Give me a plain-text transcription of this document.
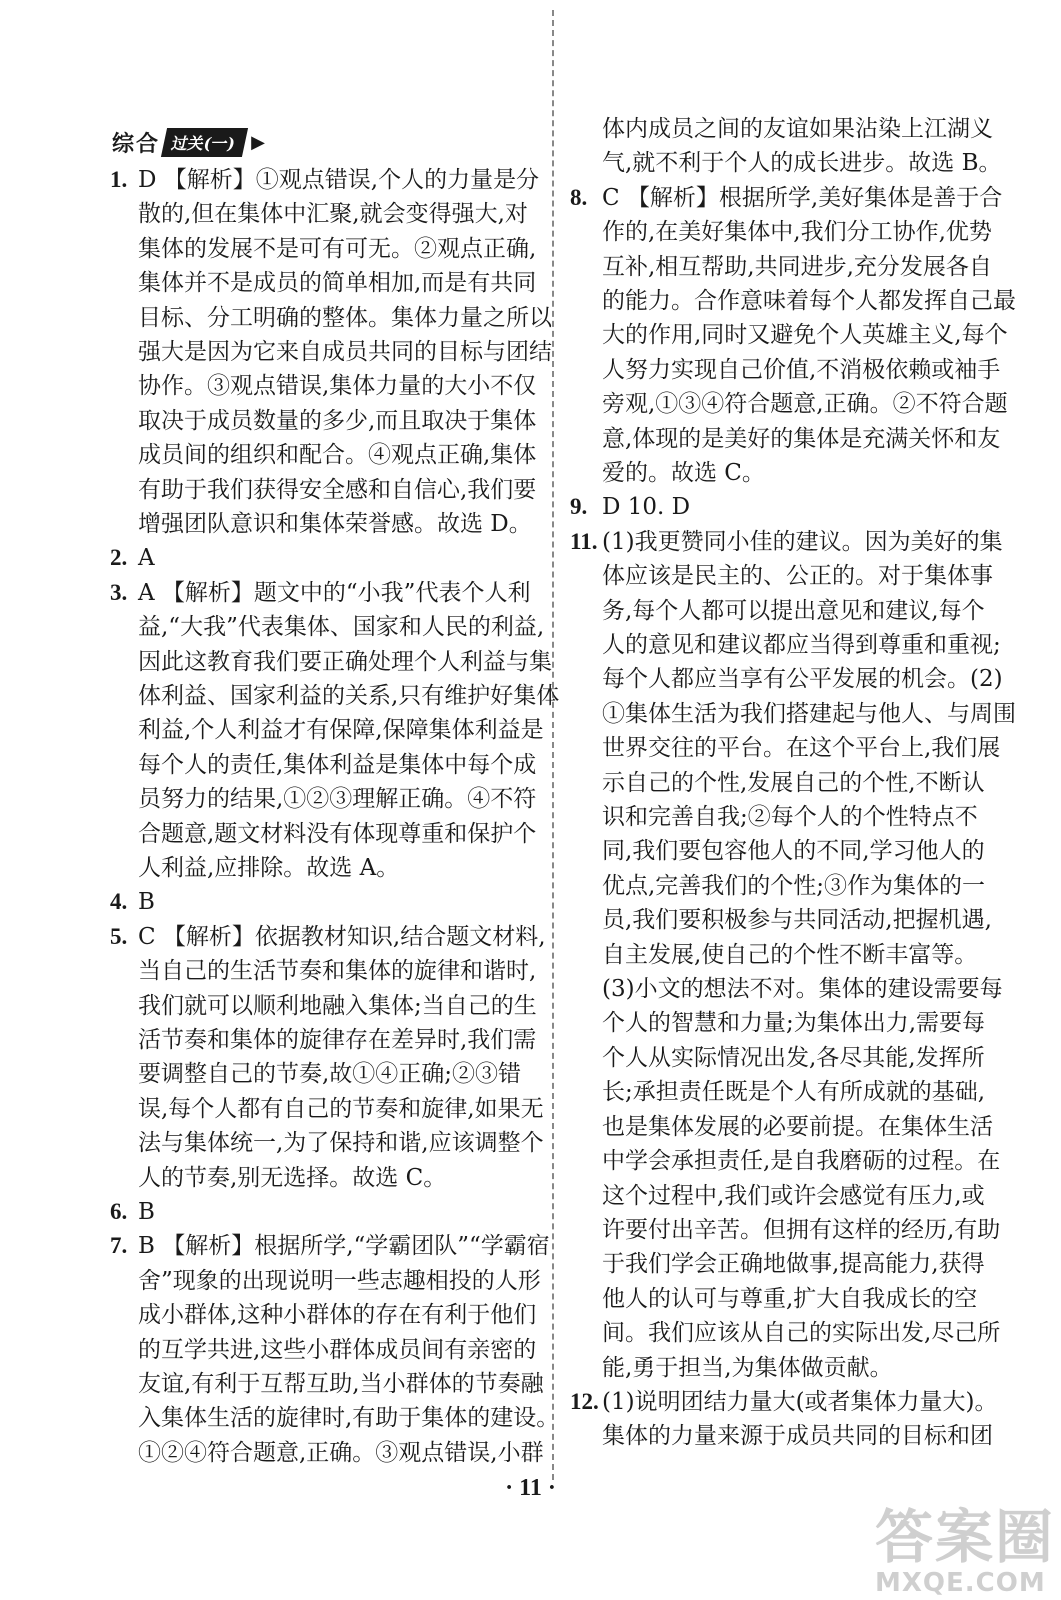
综合 过关(一) ▶
1. D 【解析】①观点错误,个人的力量是分
散的,但在集体中汇聚,就会变得强大,对
集体的发展不是可有可无。②观点正确,
集体并不是成员的简单相加,而是有共同
目标、分工明确的整体。集体力量之所以
强大是因为它来自成员共同的目标与团结
协作。③观点错误,集体力量的大小不仅
取决于成员数量的多少,而且取决于集体
成员间的组织和配合。④观点正确,集体
有助于我们获得安全感和自信心,我们要
增强团队意识和集体荣誉感。故选 D。
2. A
3. A 【解析】题文中的“小我”代表个人利
益,“大我”代表集体、国家和人民的利益,
因此这教育我们要正确处理个人利益与集
体利益、国家利益的关系,只有维护好集体
利益,个人利益才有保障,保障集体利益是
每个人的责任,集体利益是集体中每个成
员努力的结果,①②③理解正确。④不符
合题意,题文材料没有体现尊重和保护个
人利益,应排除。故选 A。
4. B
5. C 【解析】依据教材知识,结合题文材料,
当自己的生活节奏和集体的旋律和谐时,
我们就可以顺利地融入集体;当自己的生
活节奏和集体的旋律存在差异时,我们需
要调整自己的节奏,故①④正确;②③错
误,每个人都有自己的节奏和旋律,如果无
法与集体统一,为了保持和谐,应该调整个
人的节奏,别无选择。故选 C。
6. B
7. B 【解析】根据所学,“学霸团队”“学霸宿
舍”现象的出现说明一些志趣相投的人形
成小群体,这种小群体的存在有利于他们
的互学共进,这些小群体成员间有亲密的
友谊,有利于互帮互助,当小群体的节奏融
入集体生活的旋律时,有助于集体的建设。
①②④符合题意,正确。③观点错误,小群
体内成员之间的友谊如果沾染上江湖义
气,就不利于个人的成长进步。故选 B。
8. C 【解析】根据所学,美好集体是善于合
作的,在美好集体中,我们分工协作,优势
互补,相互帮助,共同进步,充分发展各自
的能力。合作意味着每个人都发挥自己最
大的作用,同时又避免个人英雄主义,每个
人努力实现自己价值,不消极依赖或袖手
旁观,①③④符合题意,正确。②不符合题
意,体现的是美好的集体是充满关怀和友
爱的。故选 C。
9. D 10. D
11. (1)我更赞同小佳的建议。因为美好的集
体应该是民主的、公正的。对于集体事
务,每个人都可以提出意见和建议,每个
人的意见和建议都应当得到尊重和重视;
每个人都应当享有公平发展的机会。(2)
①集体生活为我们搭建起与他人、与周围
世界交往的平台。在这个平台上,我们展
示自己的个性,发展自己的个性,不断认
识和完善自我;②每个人的个性特点不
同,我们要包容他人的不同,学习他人的
优点,完善我们的个性;③作为集体的一
员,我们要积极参与共同活动,把握机遇,
自主发展,使自己的个性不断丰富等。
(3)小文的想法不对。集体的建设需要每
个人的智慧和力量;为集体出力,需要每
个人从实际情况出发,各尽其能,发挥所
长;承担责任既是个人有所成就的基础,
也是集体发展的必要前提。在集体生活
中学会承担责任,是自我磨砺的过程。在
这个过程中,我们或许会感觉有压力,或
许要付出辛苦。但拥有这样的经历,有助
于我们学会正确地做事,提高能力,获得
他人的认可与尊重,扩大自我成长的空
间。我们应该从自己的实际出发,尽己所
能,勇于担当,为集体做贡献。
12. (1)说明团结力量大(或者集体力量大)。
集体的力量来源于成员共同的目标和团
· 11 ·
答案圈
MXQE.COM
